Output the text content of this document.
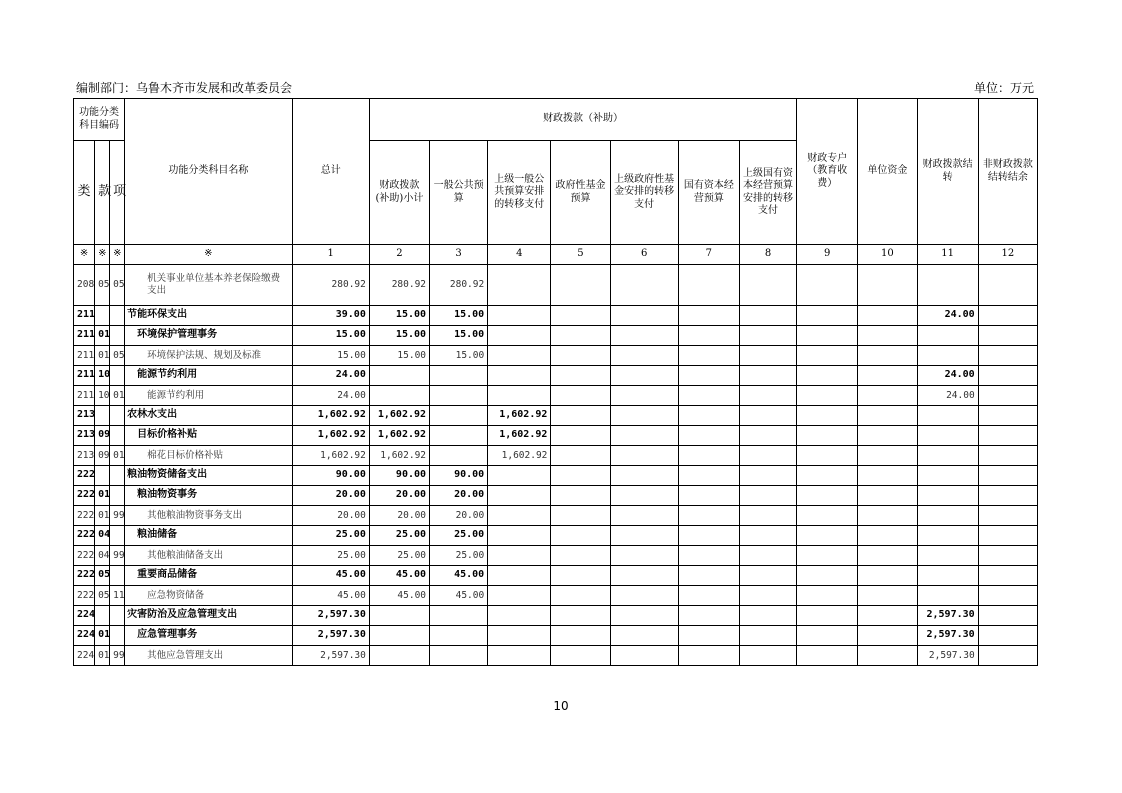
编制部门：乌鲁木齐市发展和改革委员会	单位：万元
功能分类科目编码			功能分类科目名称	总计	财政拨款（补助）							财政专户（教育收费）	单位资金	财政拨款结转	非财政拨款结转结余
类	款	项			财政拨款(补助)小计	一般公共预算	上级一般公共预算安排的转移支付	政府性基金预算	上级政府性基金安排的转移支付	国有资本经营预算	上级国有资本经营预算安排的转移支付				
※	※	※	※	1	2	3	4	5	6	7	8	9	10	11	12
208	05	05	机关事业单位基本养老保险缴费支出	280.92	280.92	280.92									
211			节能环保支出	39.00	15.00	15.00								24.00	
211	01		环境保护管理事务	15.00	15.00	15.00									
211	01	05	环境保护法规、规划及标准	15.00	15.00	15.00									
211	10		能源节约利用	24.00										24.00	
211	10	01	能源节约利用	24.00										24.00	
213			农林水支出	1,602.92	1,602.92		1,602.92								
213	09		目标价格补贴	1,602.92	1,602.92		1,602.92								
213	09	01	棉花目标价格补贴	1,602.92	1,602.92		1,602.92								
222			粮油物资储备支出	90.00	90.00	90.00									
222	01		粮油物资事务	20.00	20.00	20.00									
222	01	99	其他粮油物资事务支出	20.00	20.00	20.00									
222	04		粮油储备	25.00	25.00	25.00									
222	04	99	其他粮油储备支出	25.00	25.00	25.00									
222	05		重要商品储备	45.00	45.00	45.00									
222	05	11	应急物资储备	45.00	45.00	45.00									
224			灾害防治及应急管理支出	2,597.30										2,597.30	
224	01		应急管理事务	2,597.30										2,597.30	
224	01	99	其他应急管理支出	2,597.30										2,597.30	
10
